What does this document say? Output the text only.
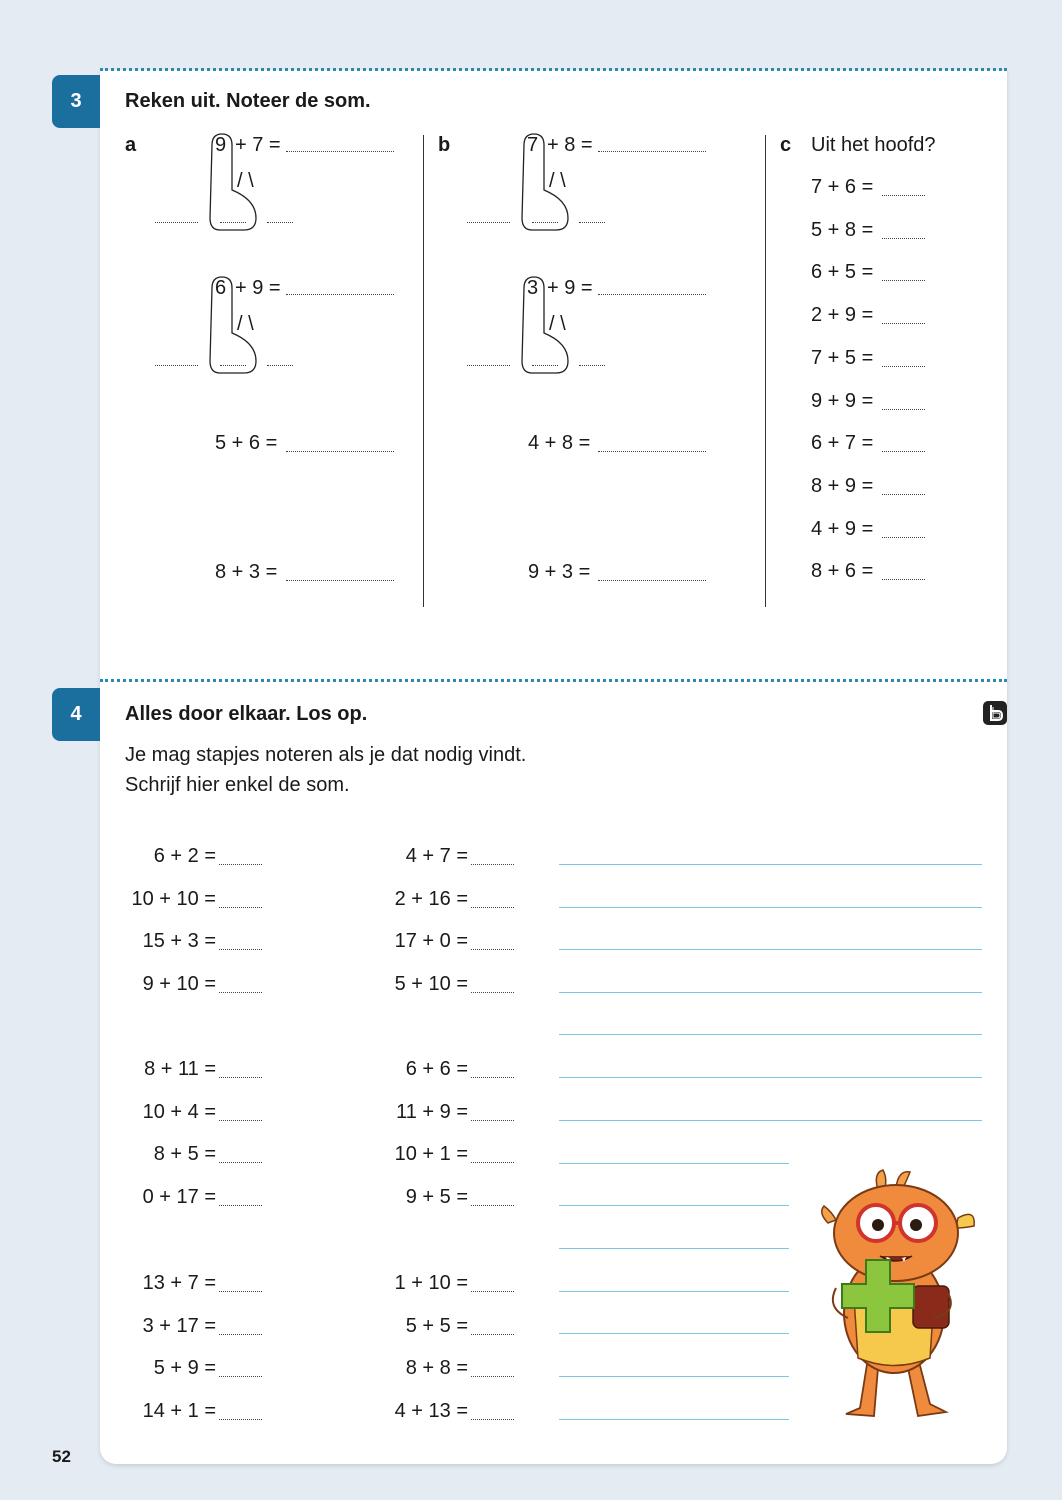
3	Reken uit. Noteer de som.
a	b	c Uit het hoofd?
9 + 7 =
/ \
6 + 9 =
/ \
5 + 6 =
8 + 3 =
7 + 8 =
/ \
3 + 9 =
/ \
4 + 8 =
9 + 3 =
7 + 6 =
5 + 8 =
6 + 5 =
2 + 9 =
7 + 5 =
9 + 9 =
6 + 7 =
8 + 9 =
4 + 9 =
8 + 6 =
4	Alles door elkaar. Los op.
Je mag stapjes noteren als je dat nodig vindt.
Schrijf hier enkel de som.
6 + 2 =
10 + 10 =
15 + 3 =
9 + 10 =
4 + 7 =
2 + 16 =
17 + 0 =
5 + 10 =
8 + 11 =
10 + 4 =
8 + 5 =
0 + 17 =
6 + 6 =
11 + 9 =
10 + 1 =
9 + 5 =
13 + 7 =
3 + 17 =
5 + 9 =
14 + 1 =
1 + 10 =
5 + 5 =
8 + 8 =
4 + 13 =
52
